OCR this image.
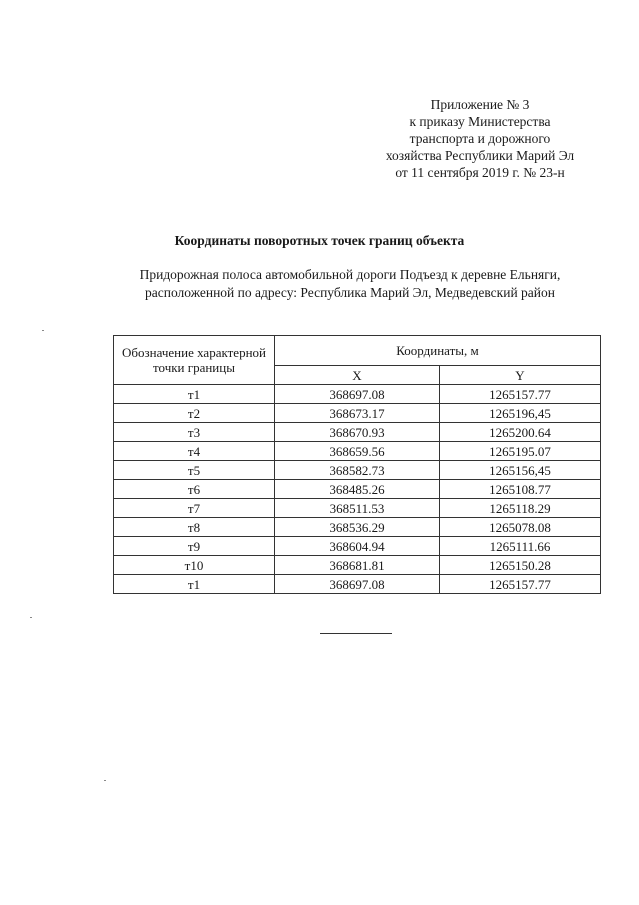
Приложение № 3
к приказу Министерства
транспорта и дорожного
хозяйства Республики Марий Эл
от 11 сентября 2019 г. № 23-н
Координаты поворотных точек границ объекта
Придорожная полоса автомобильной дороги Подъезд к деревне Ельняги,
расположенной по адресу: Республика Марий Эл, Медведевский район
Обозначение характерной точки границы	Координаты, м	
	X	Y
т1	368697.08	1265157.77
т2	368673.17	1265196,45
т3	368670.93	1265200.64
т4	368659.56	1265195.07
т5	368582.73	1265156,45
т6	368485.26	1265108.77
т7	368511.53	1265118.29
т8	368536.29	1265078.08
т9	368604.94	1265111.66
т10	368681.81	1265150.28
т1	368697.08	1265157.77
